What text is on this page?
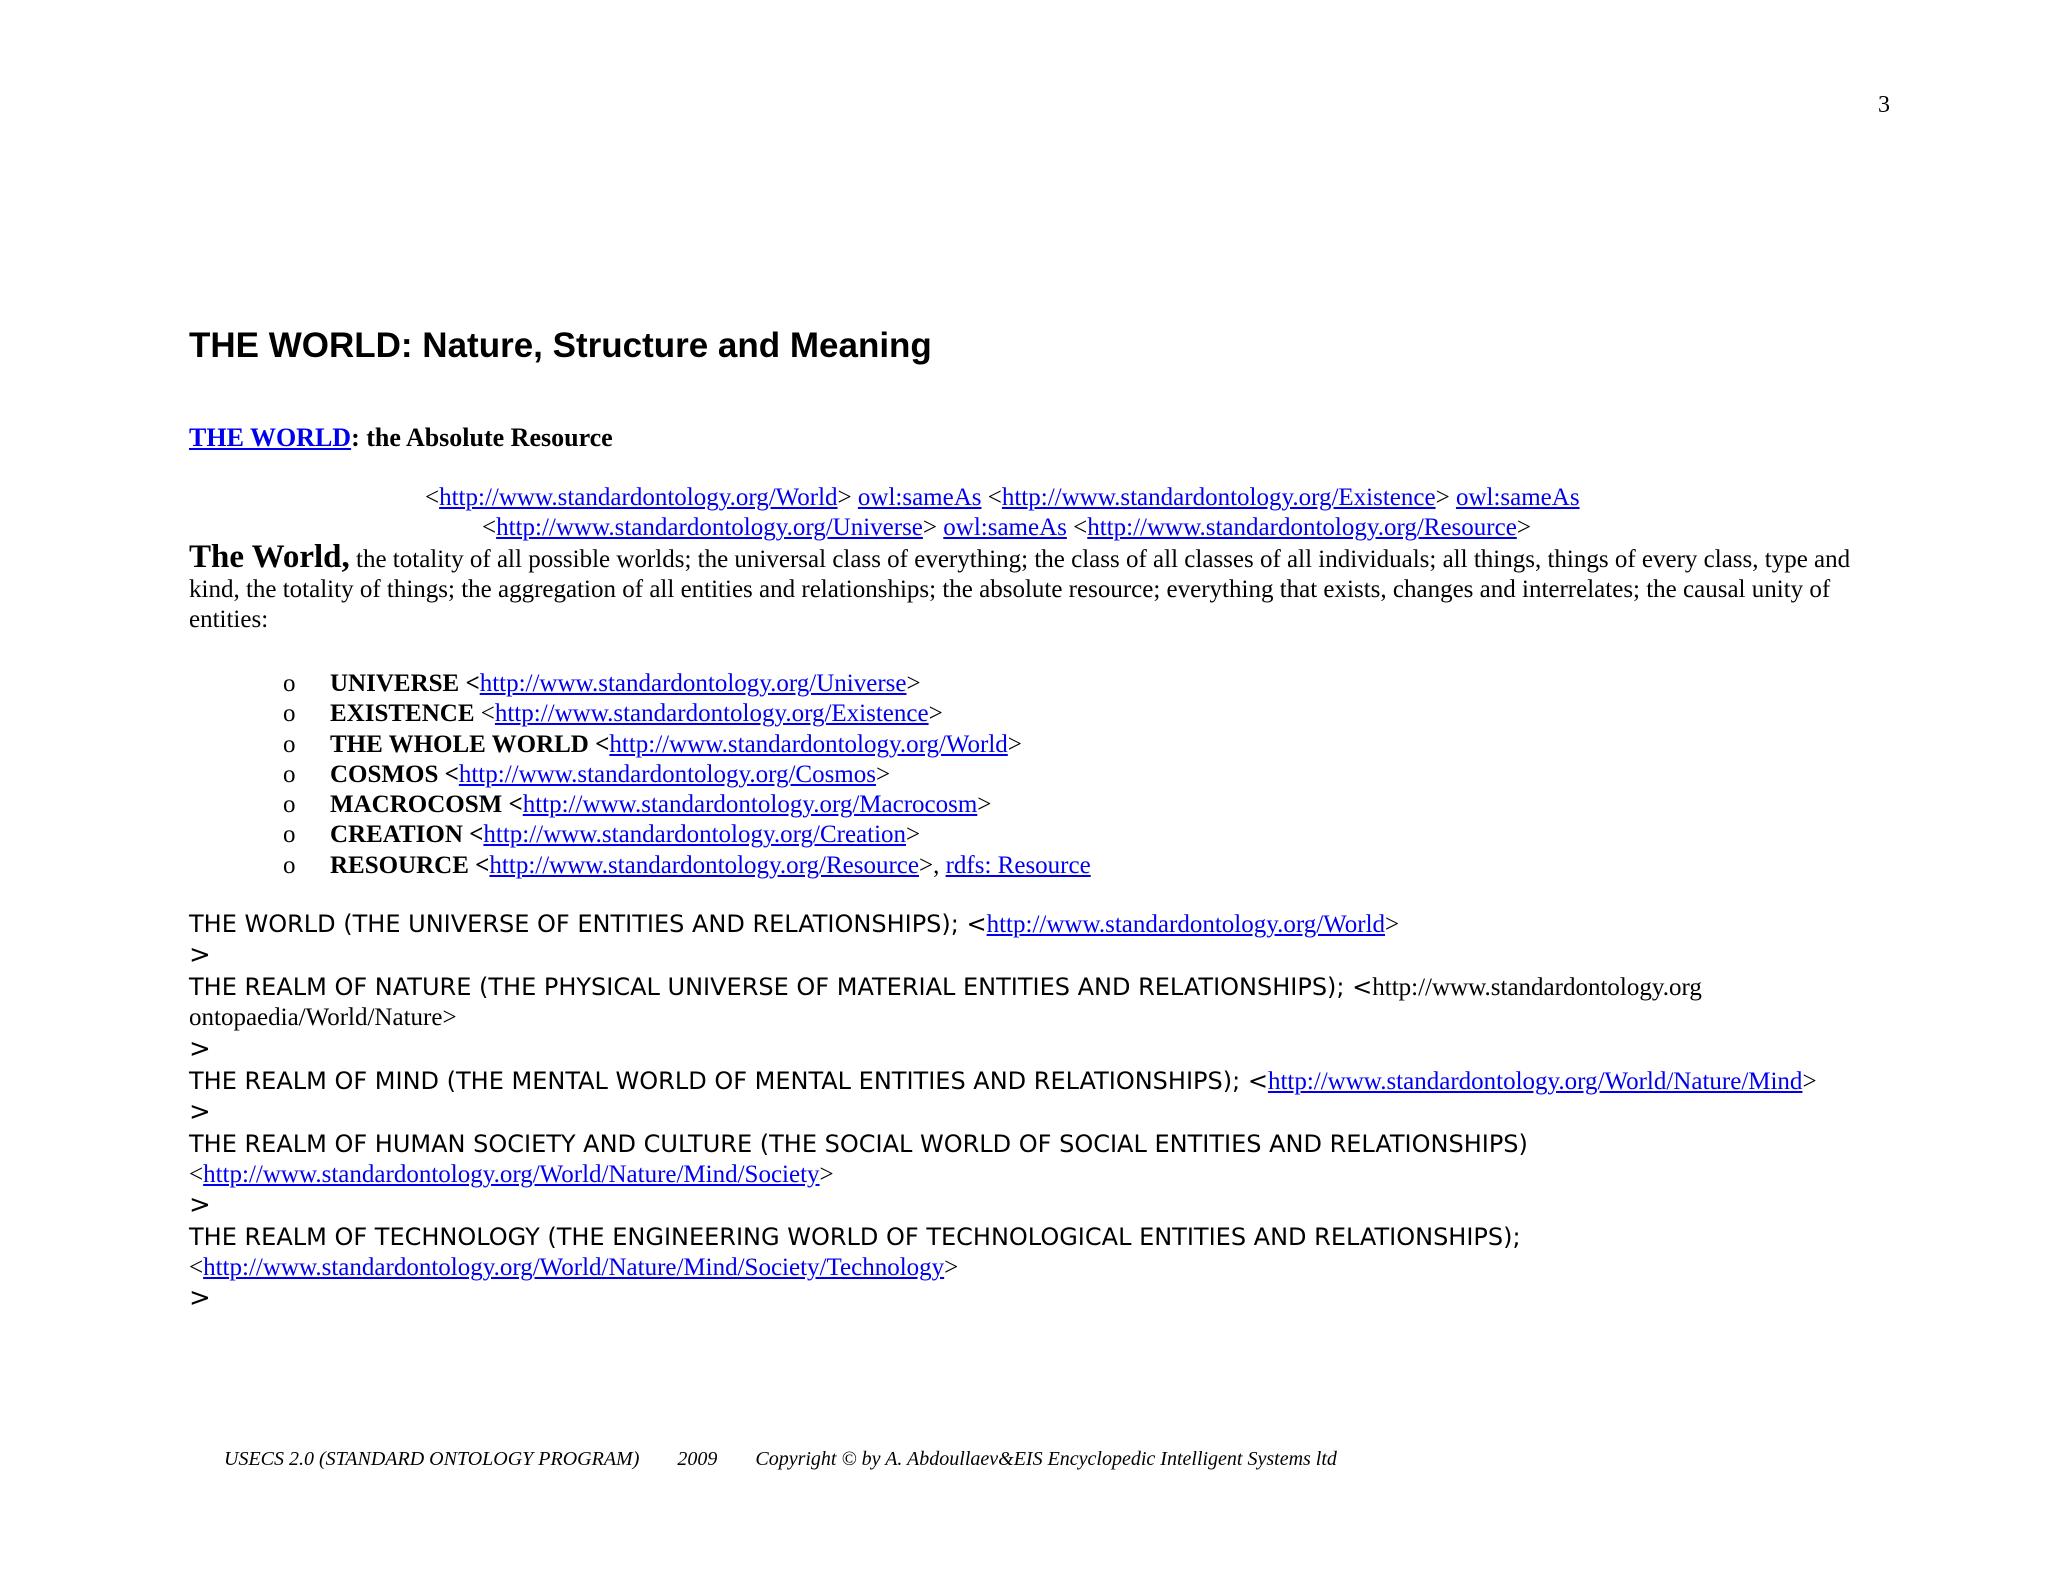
3
THE WORLD: Nature, Structure and Meaning
THE WORLD: the Absolute Resource
<http://www.standardontology.org/World> owl:sameAs <http://www.standardontology.org/Existence> owl:sameAs
<http://www.standardontology.org/Universe> owl:sameAs <http://www.standardontology.org/Resource>
The World, the totality of all possible worlds; the universal class of everything; the class of all classes of all individuals; all things, things of every class, type and kind, the totality of things; the aggregation of all entities and relationships; the absolute resource; everything that exists, changes and interrelates; the causal unity of entities:
o UNIVERSE <http://www.standardontology.org/Universe>
o EXISTENCE <http://www.standardontology.org/Existence>
o THE WHOLE WORLD <http://www.standardontology.org/World>
o COSMOS <http://www.standardontology.org/Cosmos>
o MACROCOSM <http://www.standardontology.org/Macrocosm>
o CREATION <http://www.standardontology.org/Creation>
o RESOURCE <http://www.standardontology.org/Resource>, rdfs: Resource
THE WORLD (THE UNIVERSE OF ENTITIES AND RELATIONSHIPS); <http://www.standardontology.org/World>
>
THE REALM OF NATURE (THE PHYSICAL UNIVERSE OF MATERIAL ENTITIES AND RELATIONSHIPS); <http://www.standardontology.org
ontopaedia/World/Nature>
>
THE REALM OF MIND (THE MENTAL WORLD OF MENTAL ENTITIES AND RELATIONSHIPS); <http://www.standardontology.org/World/Nature/Mind>
>
THE REALM OF HUMAN SOCIETY AND CULTURE (THE SOCIAL WORLD OF SOCIAL ENTITIES AND RELATIONSHIPS)
<http://www.standardontology.org/World/Nature/Mind/Society>
>
THE REALM OF TECHNOLOGY (THE ENGINEERING WORLD OF TECHNOLOGICAL ENTITIES AND RELATIONSHIPS);
<http://www.standardontology.org/World/Nature/Mind/Society/Technology>
>
USECS 2.0 (STANDARD ONTOLOGY PROGRAM) 2009 Copyright © by A. Abdoullaev&EIS Encyclopedic Intelligent Systems ltd
